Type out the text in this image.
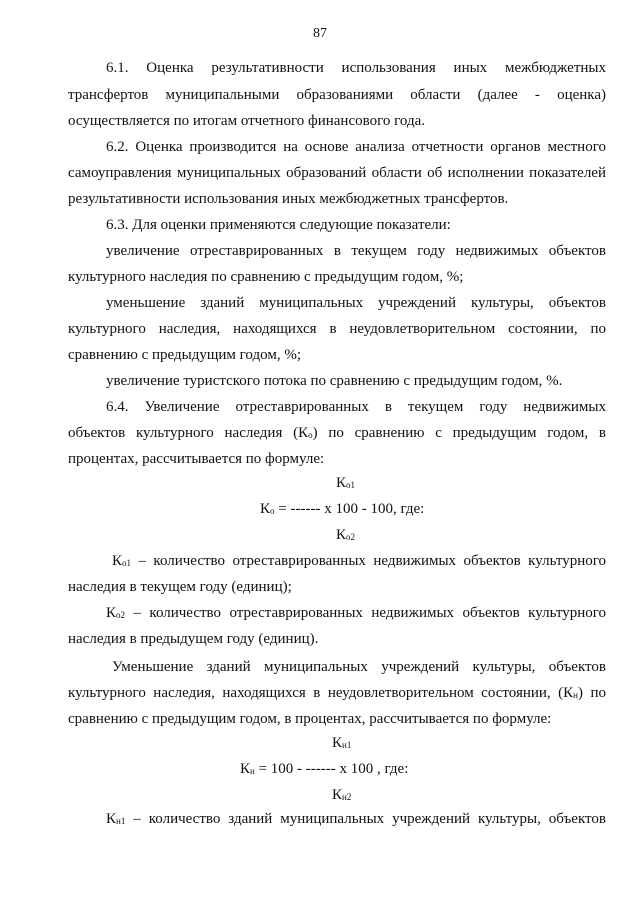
87
6.1. Оценка результативности использования иных межбюджетных
трансфертов муниципальными образованиями области (далее - оценка)
осуществляется по итогам отчетного финансового года.
6.2. Оценка производится на основе анализа отчетности органов местного
самоуправления муниципальных образований области об исполнении показателей
результативности использования иных межбюджетных трансфертов.
6.3. Для оценки применяются следующие показатели:
увеличение отреставрированных в текущем году недвижимых объектов
культурного наследия по сравнению с предыдущим годом, %;
уменьшение зданий муниципальных учреждений культуры, объектов
культурного наследия, находящихся в неудовлетворительном состоянии, по
сравнению с предыдущим годом, %;
увеличение туристского потока по сравнению с предыдущим годом, %.
6.4. Увеличение отреставрированных в текущем году недвижимых
объектов культурного наследия $(К_о)$ по сравнению с предыдущим годом, в
процентах, рассчитывается по формуле:
$К_{о1}$
$К_о$ = ------ х 100 - 100, где:
$К_{о2}$
$К_{о1}$ – количество отреставрированных недвижимых объектов культурного
наследия в текущем году (единиц);
$К_{о2}$ – количество отреставрированных недвижимых объектов культурного
наследия в предыдущем году (единиц).
Уменьшение зданий муниципальных учреждений культуры, объектов
культурного наследия, находящихся в неудовлетворительном состоянии, $(К_н)$ по
сравнению с предыдущим годом, в процентах, рассчитывается по формуле:
$К_{н1}$
$К_н = 100$ - ------ х 100 , где:
$К_{н2}$
$К_{н1}$ – количество зданий муниципальных учреждений культуры, объектов
